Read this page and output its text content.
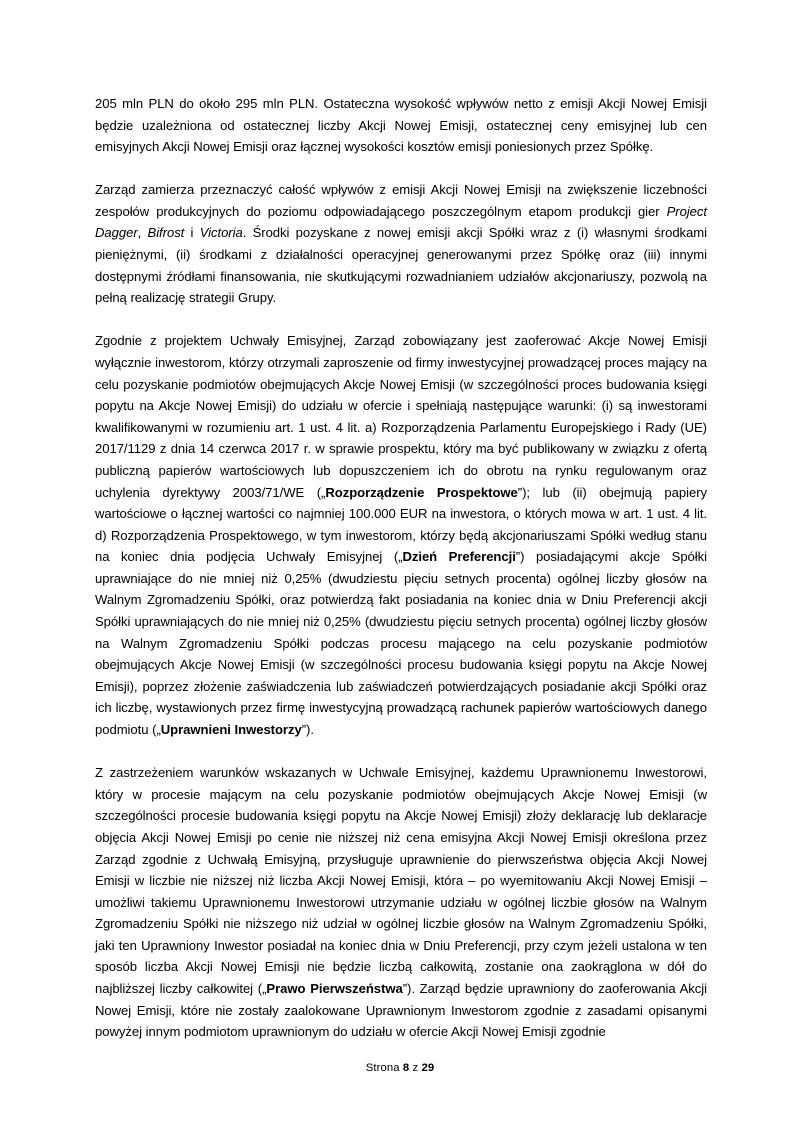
205 mln PLN do około 295 mln PLN. Ostateczna wysokość wpływów netto z emisji Akcji Nowej Emisji będzie uzależniona od ostatecznej liczby Akcji Nowej Emisji, ostatecznej ceny emisyjnej lub cen emisyjnych Akcji Nowej Emisji oraz łącznej wysokości kosztów emisji poniesionych przez Spółkę.

Zarząd zamierza przeznaczyć całość wpływów z emisji Akcji Nowej Emisji na zwiększenie liczebności zespołów produkcyjnych do poziomu odpowiadającego poszczególnym etapom produkcji gier Project Dagger, Bifrost i Victoria. Środki pozyskane z nowej emisji akcji Spółki wraz z (i) własnymi środkami pieniężnymi, (ii) środkami z działalności operacyjnej generowanymi przez Spółkę oraz (iii) innymi dostępnymi źródłami finansowania, nie skutkującymi rozwadnianiem udziałów akcjonariuszy, pozwolą na pełną realizację strategii Grupy.

Zgodnie z projektem Uchwały Emisyjnej, Zarząd zobowiązany jest zaoferować Akcje Nowej Emisji wyłącznie inwestorom, którzy otrzymali zaproszenie od firmy inwestycyjnej prowadzącej proces mający na celu pozyskanie podmiotów obejmujących Akcje Nowej Emisji (w szczególności proces budowania księgi popytu na Akcje Nowej Emisji) do udziału w ofercie i spełniają następujące warunki: (i) są inwestorami kwalifikowanymi w rozumieniu art. 1 ust. 4 lit. a) Rozporządzenia Parlamentu Europejskiego i Rady (UE) 2017/1129 z dnia 14 czerwca 2017 r. w sprawie prospektu, który ma być publikowany w związku z ofertą publiczną papierów wartościowych lub dopuszczeniem ich do obrotu na rynku regulowanym oraz uchylenia dyrektywy 2003/71/WE („Rozporządzenie Prospektowe”); lub (ii) obejmują papiery wartościowe o łącznej wartości co najmniej 100.000 EUR na inwestora, o których mowa w art. 1 ust. 4 lit. d) Rozporządzenia Prospektowego, w tym inwestorom, którzy będą akcjonariuszami Spółki według stanu na koniec dnia podjęcia Uchwały Emisyjnej („Dzień Preferencji”) posiadającymi akcje Spółki uprawniające do nie mniej niż 0,25% (dwudziestu pięciu setnych procenta) ogólnej liczby głosów na Walnym Zgromadzeniu Spółki, oraz potwierdzą fakt posiadania na koniec dnia w Dniu Preferencji akcji Spółki uprawniających do nie mniej niż 0,25% (dwudziestu pięciu setnych procenta) ogólnej liczby głosów na Walnym Zgromadzeniu Spółki podczas procesu mającego na celu pozyskanie podmiotów obejmujących Akcje Nowej Emisji (w szczególności procesu budowania księgi popytu na Akcje Nowej Emisji), poprzez złożenie zaświadczenia lub zaświadczeń potwierdzających posiadanie akcji Spółki oraz ich liczbę, wystawionych przez firmę inwestycyjną prowadzącą rachunek papierów wartościowych danego podmiotu („Uprawnieni Inwestorzy”).

Z zastrzeżeniem warunków wskazanych w Uchwale Emisyjnej, każdemu Uprawnionemu Inwestorowi, który w procesie mającym na celu pozyskanie podmiotów obejmujących Akcje Nowej Emisji (w szczególności procesie budowania księgi popytu na Akcje Nowej Emisji) złoży deklarację lub deklaracje objęcia Akcji Nowej Emisji po cenie nie niższej niż cena emisyjna Akcji Nowej Emisji określona przez Zarząd zgodnie z Uchwałą Emisyjną, przysługuje uprawnienie do pierwszeństwa objęcia Akcji Nowej Emisji w liczbie nie niższej niż liczba Akcji Nowej Emisji, która – po wyemitowaniu Akcji Nowej Emisji – umożliwi takiemu Uprawnionemu Inwestorowi utrzymanie udziału w ogólnej liczbie głosów na Walnym Zgromadzeniu Spółki nie niższego niż udział w ogólnej liczbie głosów na Walnym Zgromadzeniu Spółki, jaki ten Uprawniony Inwestor posiadał na koniec dnia w Dniu Preferencji, przy czym jeżeli ustalona w ten sposób liczba Akcji Nowej Emisji nie będzie liczbą całkowitą, zostanie ona zaokrąglona w dół do najbliższej liczby całkowitej („Prawo Pierwszeństwa”). Zarząd będzie uprawniony do zaoferowania Akcji Nowej Emisji, które nie zostały zaalokowane Uprawnionym Inwestorom zgodnie z zasadami opisanymi powyżej innym podmiotom uprawnionym do udziału w ofercie Akcji Nowej Emisji zgodnie

Strona 8 z 29
